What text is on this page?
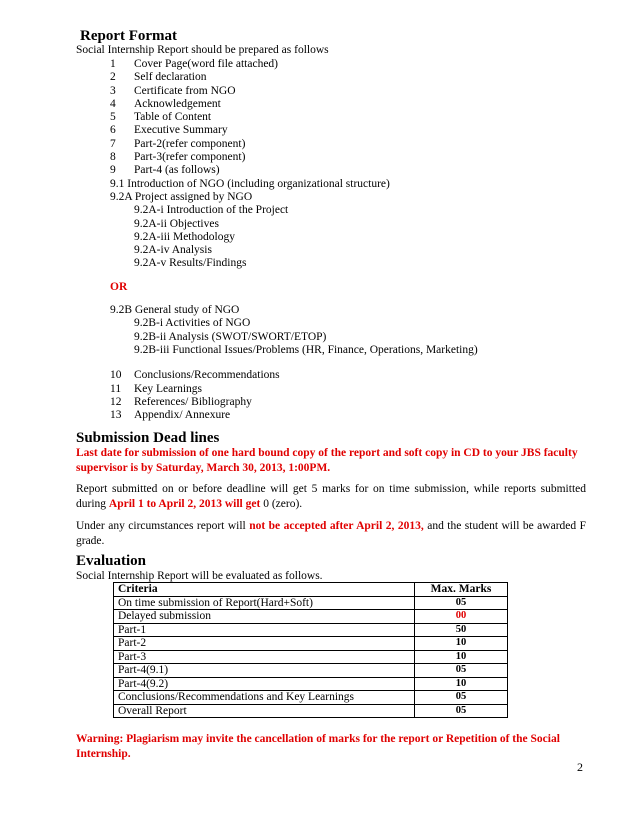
Report Format
Social Internship Report should be prepared as follows
1	Cover Page(word file attached)
2	Self declaration
3	Certificate from NGO
4	Acknowledgement
5	Table of Content
6	Executive Summary
7	Part-2(refer component)
8	Part-3(refer component)
9	Part-4 (as follows)
9.1 Introduction of NGO (including organizational structure)
9.2A Project assigned by NGO
9.2A-i Introduction of the Project
9.2A-ii Objectives
9.2A-iii Methodology
9.2A-iv Analysis
9.2A-v Results/Findings
OR
9.2B General study of NGO
9.2B-i Activities of NGO
9.2B-ii Analysis (SWOT/SWORT/ETOP)
9.2B-iii Functional Issues/Problems (HR, Finance, Operations, Marketing)
10	Conclusions/Recommendations
11	Key Learnings
12	References/ Bibliography
13	Appendix/ Annexure
Submission Dead lines
Last date for submission of one hard bound copy of the report and soft copy in CD to your JBS faculty
supervisor is by Saturday, March 30, 2013, 1:00PM.
Report submitted on or before deadline will get 5 marks for on time submission, while reports submitted during April 1 to April 2, 2013 will get 0 (zero).
Under any circumstances report will not be accepted after April 2, 2013, and the student will be awarded F grade.
Evaluation
Social Internship Report will be evaluated as follows.
Criteria	Max. Marks
On time submission of Report(Hard+Soft)	05
Delayed submission	00
Part-1	50
Part-2	10
Part-3	10
Part-4(9.1)	05
Part-4(9.2)	10
Conclusions/Recommendations and Key Learnings	05
Overall Report	05
Warning: Plagiarism may invite the cancellation of marks for the report or Repetition of the Social
Internship.
2
